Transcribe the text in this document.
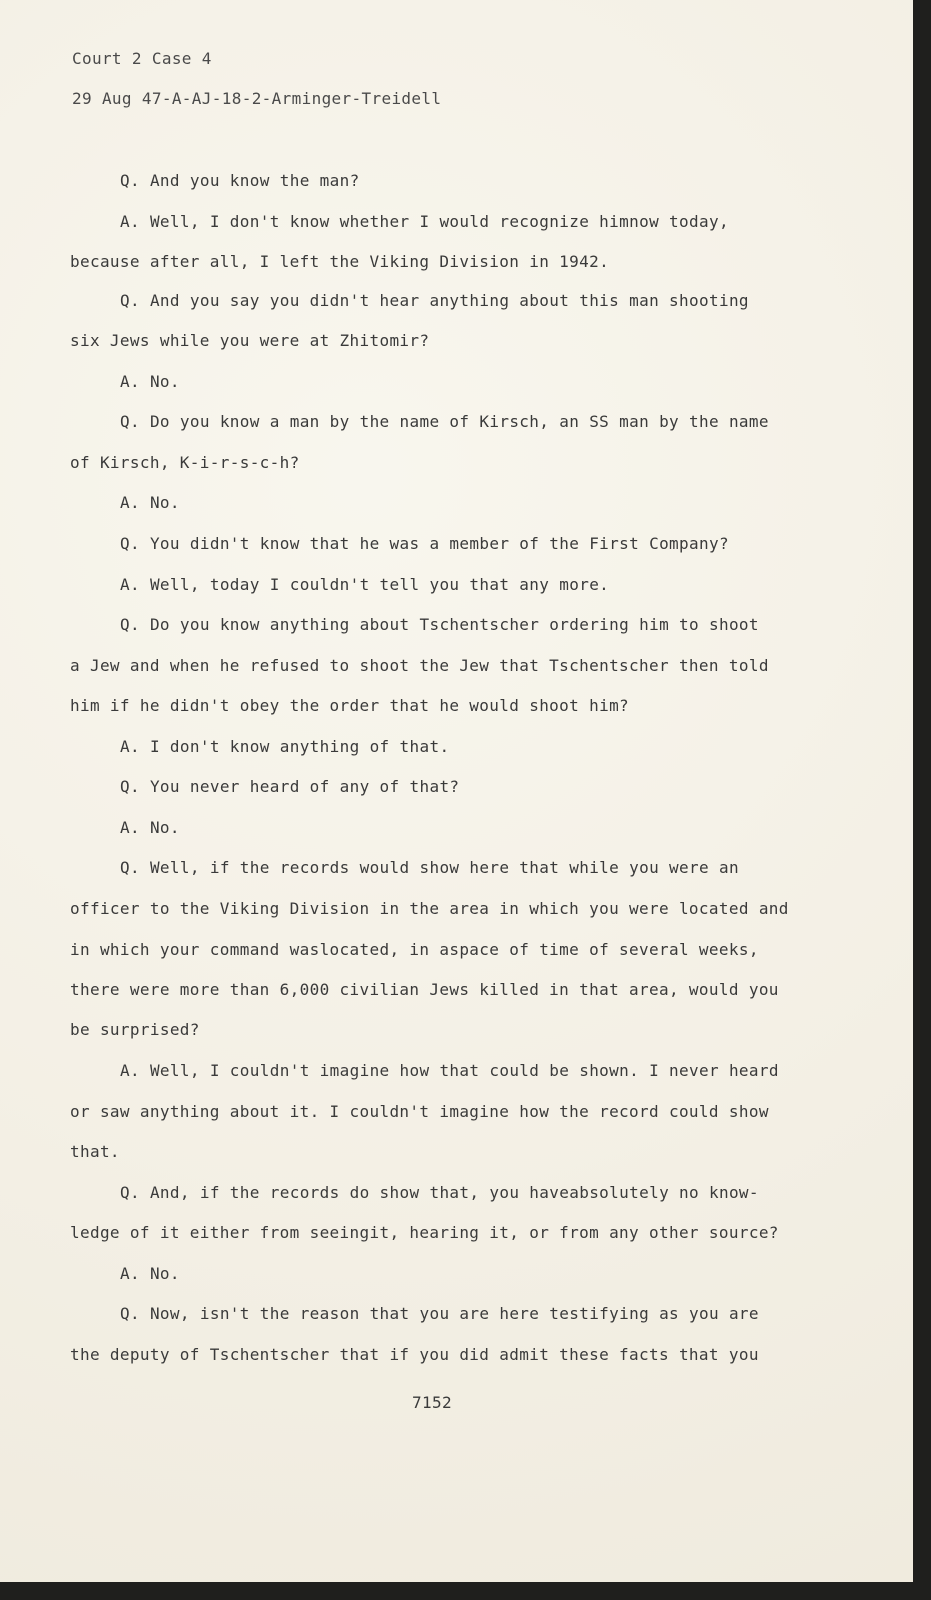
Court 2 Case 4
29 Aug 47-A-AJ-18-2-Arminger-Treidell
Q. And you know the man?
A. Well, I don't know whether I would recognize himnow today,
because after all, I left the Viking Division in 1942.
Q. And you say you didn't hear anything about this man shooting
six Jews while you were at Zhitomir?
A. No.
Q. Do you know a man by the name of Kirsch, an SS man by the name
of Kirsch, K-i-r-s-c-h?
A. No.
Q. You didn't know that he was a member of the First Company?
A. Well, today I couldn't tell you that any more.
Q. Do you know anything about Tschentscher ordering him to shoot
a Jew and when he refused to shoot the Jew that Tschentscher then told
him if he didn't obey the order that he would shoot him?
A. I don't know anything of that.
Q. You never heard of any of that?
A. No.
Q. Well, if the records would show here that while you were an
officer to the Viking Division in the area in which you were located and
in which your command waslocated, in aspace of time of several weeks,
there were more than 6,000 civilian Jews killed in that area, would you
be surprised?
A. Well, I couldn't imagine how that could be shown. I never heard
or saw anything about it. I couldn't imagine how the record could show
that.
Q. And, if the records do show that, you haveabsolutely no know-
ledge of it either from seeingit, hearing it, or from any other source?
A. No.
Q. Now, isn't the reason that you are here testifying as you are
the deputy of Tschentscher that if you did admit these facts that you
7152
